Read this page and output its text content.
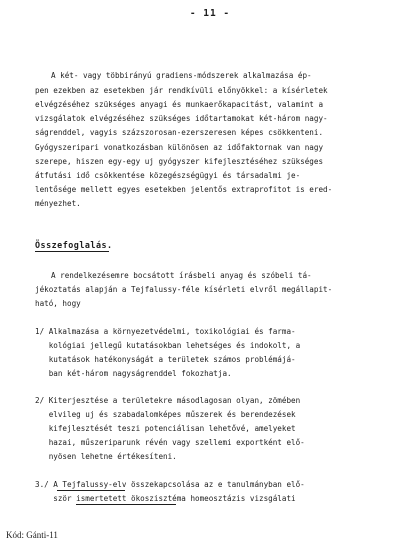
- 11 -
A két- vagy többirányú gradiens-módszerek alkalmazása ép-
pen ezekben az esetekben jár rendkívüli előnyökkel: a kísérletek
elvégzéséhez szükséges anyagi és munkaerőkapacitást, valamint a
vizsgálatok elvégzéséhez szükséges időtartamokat két-három nagy-
ságrenddel, vagyis százszorosan-ezerszeresen képes csökkenteni.
Gyógyszeripari vonatkozásban különösen az időfaktornak van nagy
szerepe, hiszen egy-egy uj gyógyszer kifejlesztéséhez szükséges
átfutási idő csökkentése közegészségügyi és társadalmi je-
lentősége mellett egyes esetekben jelentős extraprofitot is ered-
ményezhet.
Összefoglalás.
A rendelkezésemre bocsátott írásbeli anyag és szóbeli tá-
jékoztatás alapján a Tejfalussy-féle kísérleti elvről megállapit-
ható, hogy
1/ Alkalmazása a környezetvédelmi, toxikológiai és farma-
kológiai jellegű kutatásokban lehetséges és indokolt, a
kutatások hatékonyságát a területek számos problémájá-
ban két-három nagyságrenddel fokozhatja.
2/ Kiterjesztése a területekre másodlagosan olyan, zömében
elvileg uj és szabadalomképes műszerek és berendezések
kifejlesztését teszi potenciálisan lehetővé, amelyeket
hazai, műszeriparunk révén vagy szellemi exportként elő-
nyösen lehetne értékesíteni.
3./ A Tejfalussy-elv összekapcsolása az e tanulmányban elő-
ször ismertetett ökoszisztéma homeosztázis vizsgálati
Kód: Gánti-11
